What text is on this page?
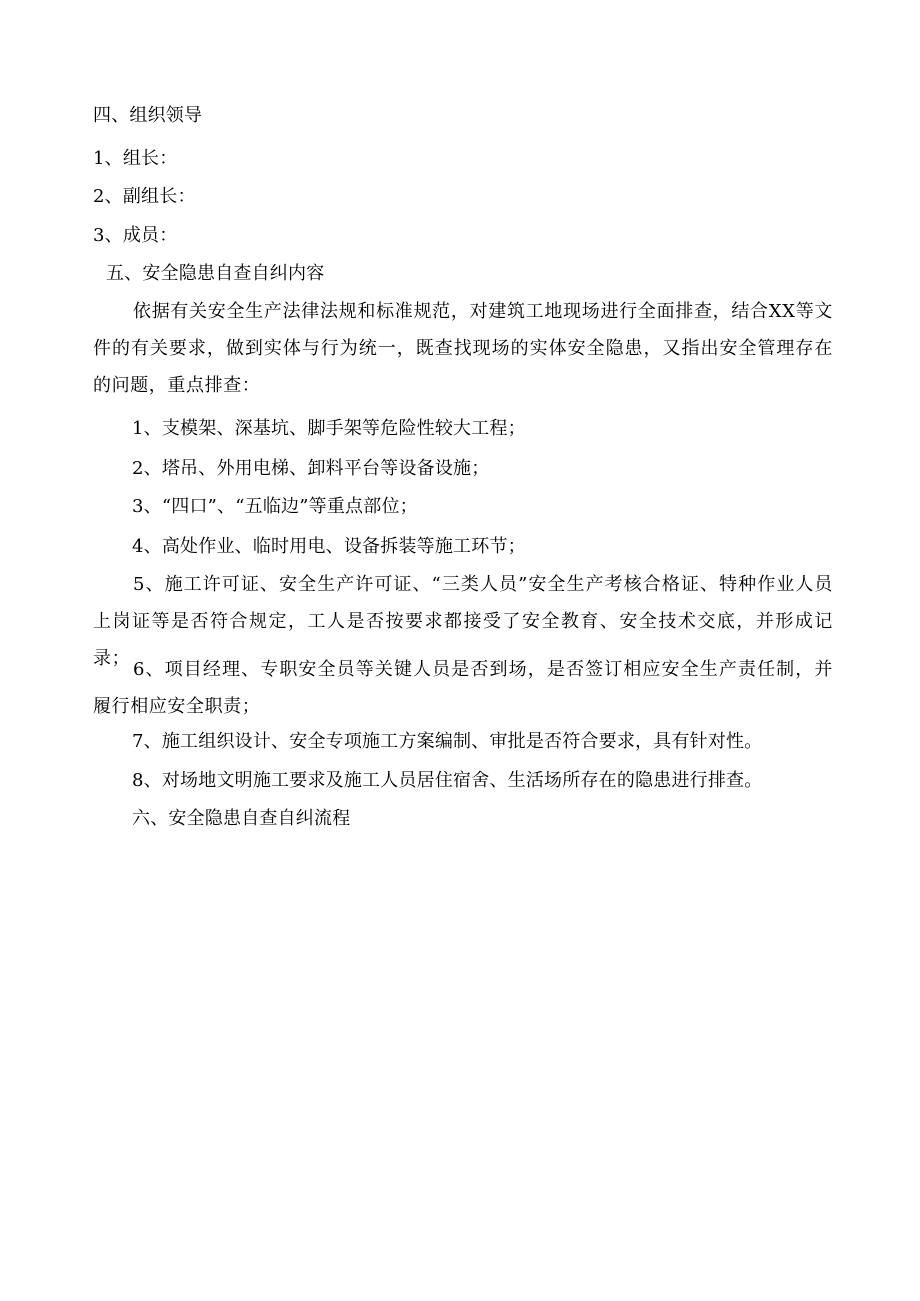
四、组织领导
1、组长：
2、副组长：
3、成员：
五、安全隐患自查自纠内容
依据有关安全生产法律法规和标准规范，对建筑工地现场进行全面排查，结合XX等文件的有关要求，做到实体与行为统一，既查找现场的实体安全隐患，又指出安全管理存在的问题，重点排查：
1、支模架、深基坑、脚手架等危险性较大工程；
2、塔吊、外用电梯、卸料平台等设备设施；
3、“四口”、“五临边”等重点部位；
4、高处作业、临时用电、设备拆装等施工环节；
5、施工许可证、安全生产许可证、“三类人员”安全生产考核合格证、特种作业人员上岗证等是否符合规定，工人是否按要求都接受了安全教育、安全技术交底，并形成记录；
6、项目经理、专职安全员等关键人员是否到场，是否签订相应安全生产责任制，并履行相应安全职责；
7、施工组织设计、安全专项施工方案编制、审批是否符合要求，具有针对性。
8、对场地文明施工要求及施工人员居住宿舍、生活场所存在的隐患进行排查。
六、安全隐患自查自纠流程
